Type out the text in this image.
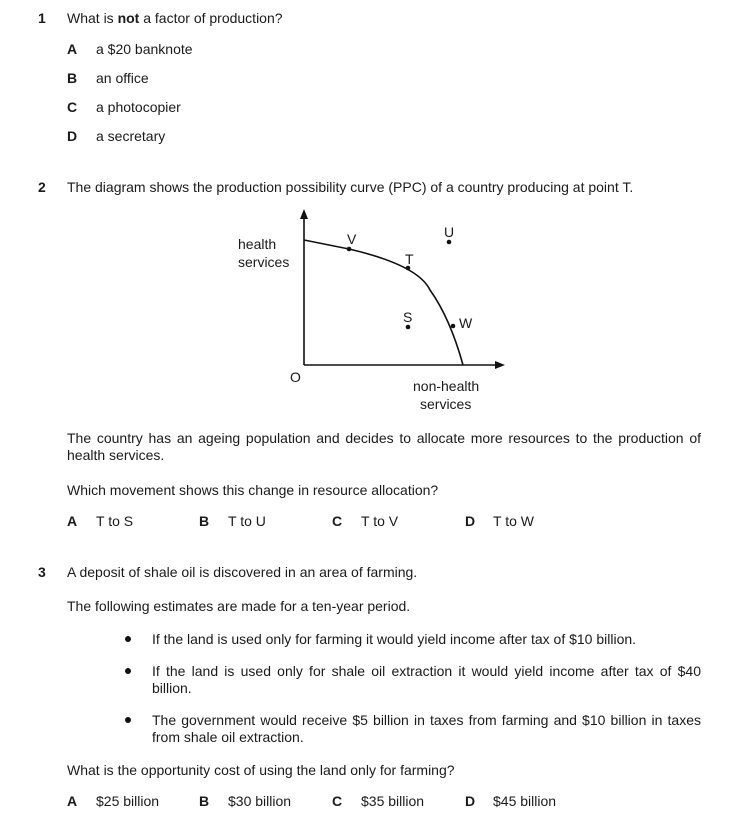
1 What is not a factor of production?
A a $20 banknote
B an office
C a photocopier
D a secretary
2 The diagram shows the production possibility curve (PPC) of a country producing at point T.
health
services
O
non-health
services
V
T
U
S	W
The country has an ageing population and decides to allocate more resources to the production of health services.
Which movement shows this change in resource allocation?
A T to S	B T to U	C T to V	D T to W
3 A deposit of shale oil is discovered in an area of farming.
The following estimates are made for a ten-year period.
If the land is used only for farming it would yield income after tax of $10 billion.
If the land is used only for shale oil extraction it would yield income after tax of $40 billion.
The government would receive $5 billion in taxes from farming and $10 billion in taxes from shale oil extraction.
What is the opportunity cost of using the land only for farming?
A $25 billion	B $30 billion	C $35 billion	D $45 billion
